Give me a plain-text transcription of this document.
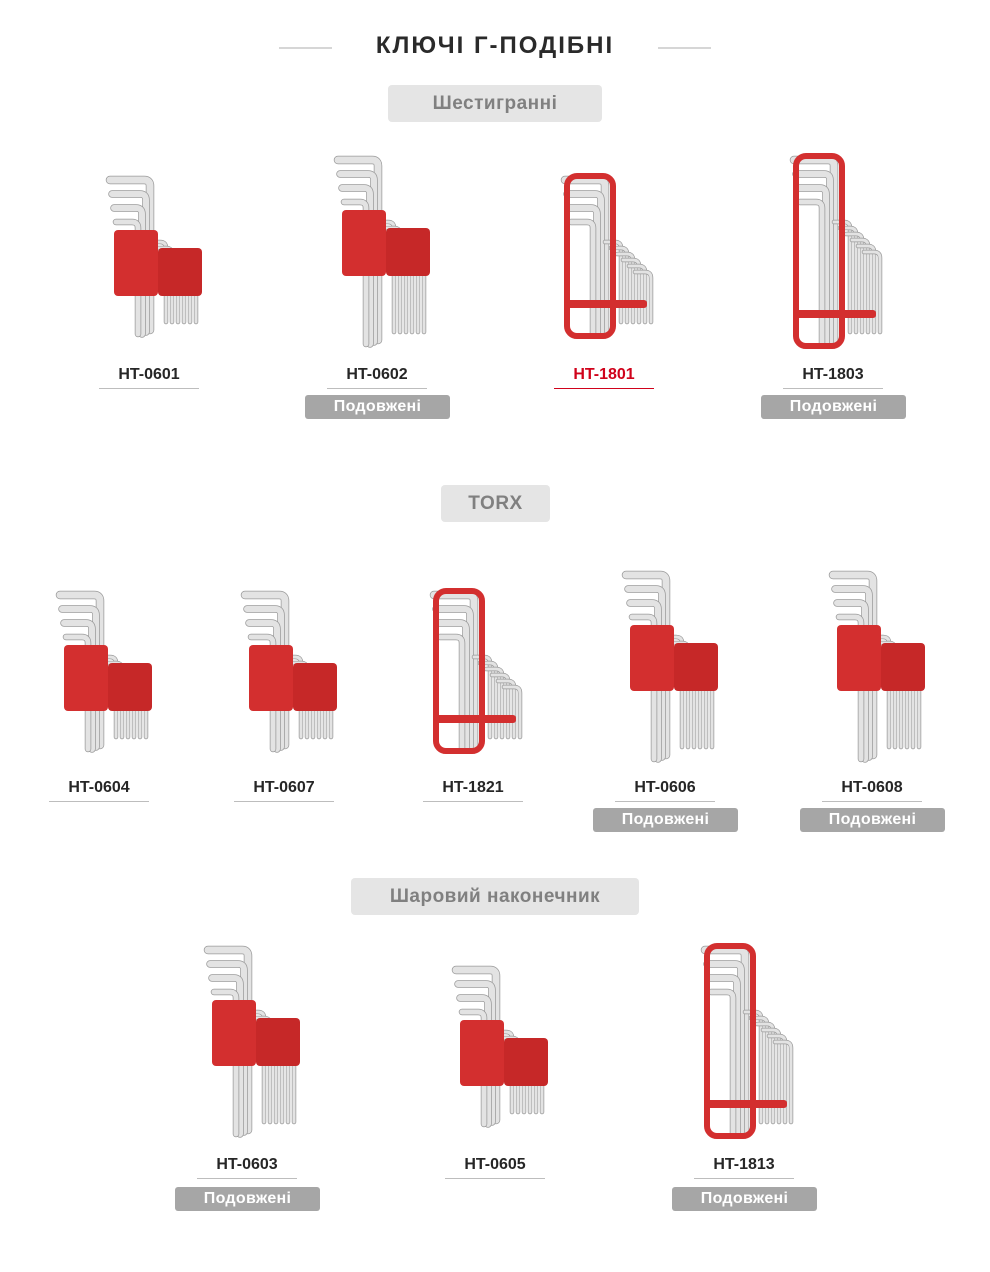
КЛЮЧІ Г-ПОДІБНІ
Шестигранні
TORX
Шаровий наконечник
HT-0601	HT-0602
Подовжені
HT-1801	HT-1803
Подовжені
HT-0604	HT-0607	HT-1821	HT-0606
Подовжені
HT-0608
Подовжені
HT-0603
Подовжені
HT-0605	HT-1813
Подовжені
